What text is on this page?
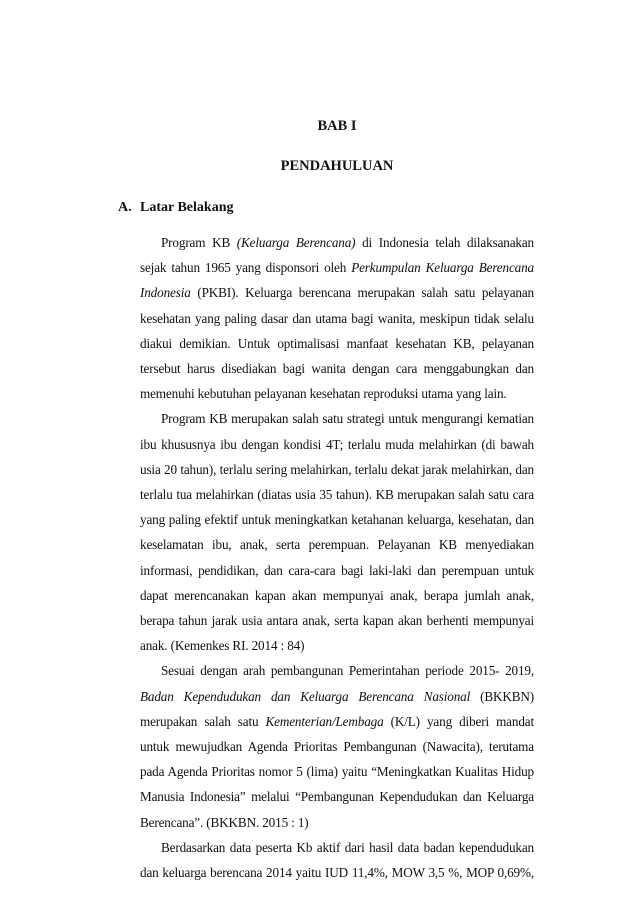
BAB I
PENDAHULUAN
A. Latar Belakang

Program KB (Keluarga Berencana) di Indonesia telah dilaksanakan sejak tahun 1965 yang disponsori oleh Perkumpulan Keluarga Berencana Indonesia (PKBI). Keluarga berencana merupakan salah satu pelayanan kesehatan yang paling dasar dan utama bagi wanita, meskipun tidak selalu diakui demikian. Untuk optimalisasi manfaat kesehatan KB, pelayanan tersebut harus disediakan bagi wanita dengan cara menggabungkan dan memenuhi kebutuhan pelayanan kesehatan reproduksi utama yang lain.

Program KB merupakan salah satu strategi untuk mengurangi kematian ibu khususnya ibu dengan kondisi 4T; terlalu muda melahirkan (di bawah usia 20 tahun), terlalu sering melahirkan, terlalu dekat jarak melahirkan, dan terlalu tua melahirkan (diatas usia 35 tahun). KB merupakan salah satu cara yang paling efektif untuk meningkatkan ketahanan keluarga, kesehatan, dan keselamatan ibu, anak, serta perempuan. Pelayanan KB menyediakan informasi, pendidikan, dan cara-cara bagi laki-laki dan perempuan untuk dapat merencanakan kapan akan mempunyai anak, berapa jumlah anak, berapa tahun jarak usia antara anak, serta kapan akan berhenti mempunyai anak. (Kemenkes RI. 2014 : 84)

Sesuai dengan arah pembangunan Pemerintahan periode 2015- 2019, Badan Kependudukan dan Keluarga Berencana Nasional (BKKBN) merupakan salah satu Kementerian/Lembaga (K/L) yang diberi mandat untuk mewujudkan Agenda Prioritas Pembangunan (Nawacita), terutama pada Agenda Prioritas nomor 5 (lima) yaitu “Meningkatkan Kualitas Hidup Manusia Indonesia” melalui “Pembangunan Kependudukan dan Keluarga Berencana”. (BKKBN. 2015 : 1)

Berdasarkan data peserta Kb aktif dari hasil data badan kependudukan dan keluarga berencana 2014 yaitu IUD 11,4%, MOW 3,5 %, MOP 0,69%,
